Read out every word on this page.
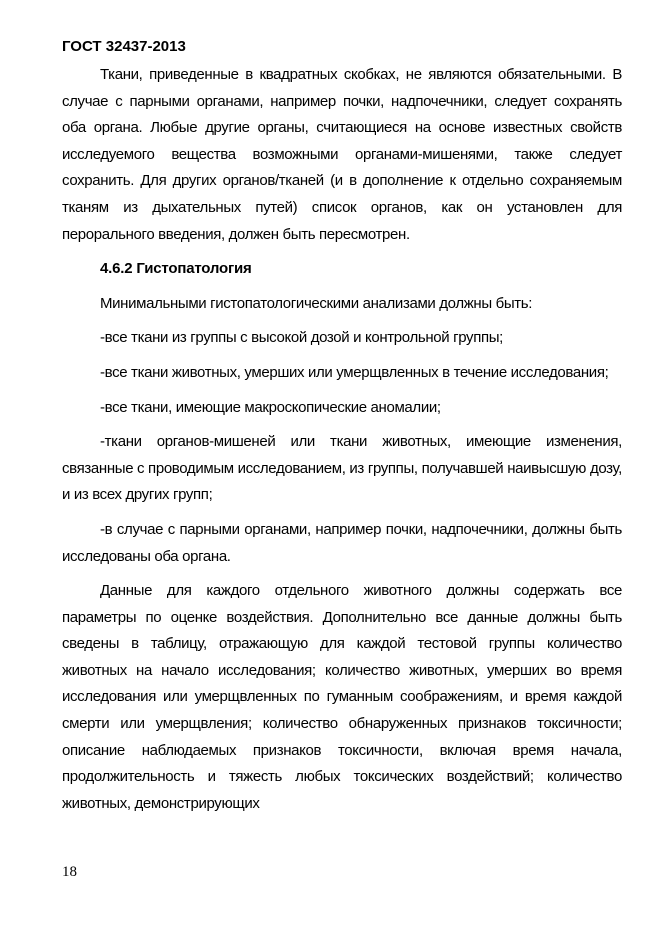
ГОСТ 32437-2013

Ткани, приведенные в квадратных скобках, не являются обязательными. В случае с парными органами, например почки, надпочечники, следует сохранять оба органа. Любые другие органы, считающиеся на основе известных свойств исследуемого вещества возможными органами-мишенями, также следует сохранить. Для других органов/тканей (и в дополнение к отдельно сохраняемым тканям из дыхательных путей) список органов, как он установлен для перорального введения, должен быть пересмотрен.

4.6.2 Гистопатология

Минимальными гистопатологическими анализами должны быть:

-все ткани из группы с высокой дозой и контрольной группы;

-все ткани животных, умерших или умерщвленных в течение исследования;

-все ткани, имеющие макроскопические аномалии;

-ткани органов-мишеней или ткани животных, имеющие изменения, связанные с проводимым исследованием, из группы, получавшей наивысшую дозу, и из всех других групп;

-в случае с парными органами, например почки, надпочечники, должны быть исследованы оба органа.

Данные для каждого отдельного животного должны содержать все параметры по оценке воздействия. Дополнительно все данные должны быть сведены в таблицу, отражающую для каждой тестовой группы количество животных на начало исследования; количество животных, умерших во время исследования или умерщвленных по гуманным соображениям, и время каждой смерти или умерщвления; количество обнаруженных признаков токсичности; описание наблюдаемых признаков токсичности, включая время начала, продолжительность и тяжесть любых токсических воздействий; количество животных, демонстрирующих

18
